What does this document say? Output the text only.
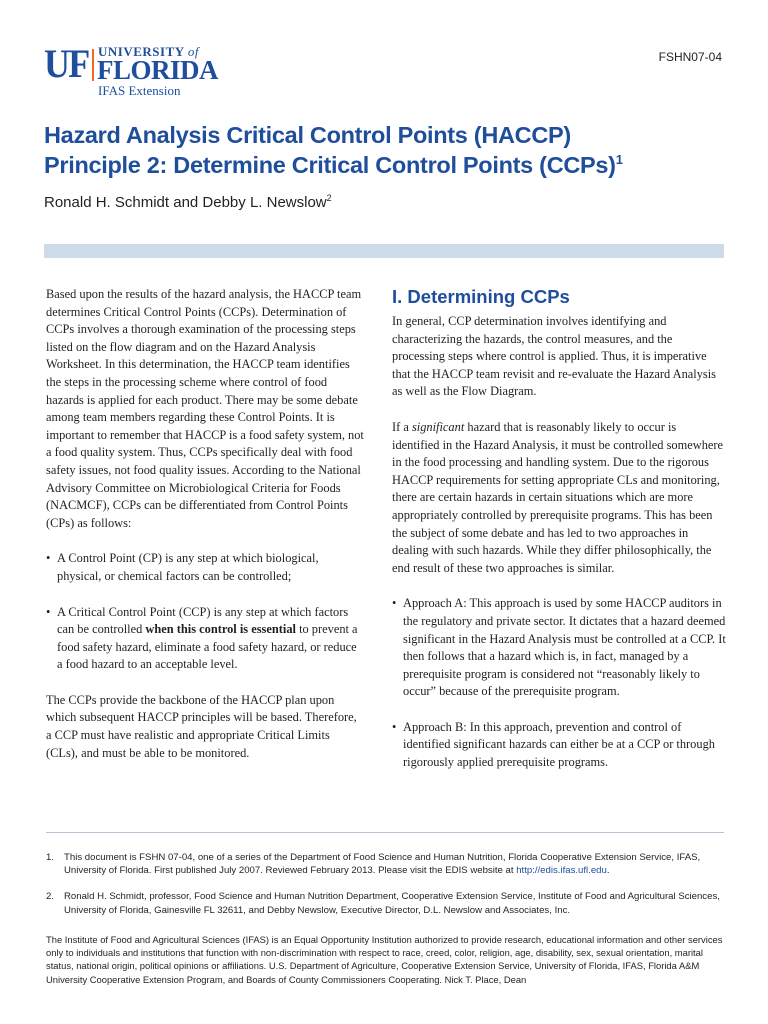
UF UNIVERSITY of
FLORIDA
IFAS Extension
FSHN07-04
Hazard Analysis Critical Control Points (HACCP)
Principle 2: Determine Critical Control Points (CCPs)$^1$
Ronald H. Schmidt and Debby L. Newslow$^2$

Based upon the results of the hazard analysis, the HACCP team determines Critical Control Points (CCPs). Determination of CCPs involves a thorough examination of the processing steps listed on the flow diagram and on the Hazard Analysis Worksheet. In this determination, the HACCP team identifies the steps in the processing scheme where control of food hazards is applied for each product. There may be some debate among team members regarding these Control Points. It is important to remember that HACCP is a food safety system, not a food quality system. Thus, CCPs specifically deal with food safety issues, not food quality issues. According to the National Advisory Committee on Microbiological Criteria for Foods (NACMCF), CCPs can be differentiated from Control Points (CPs) as follows:

• A Control Point (CP) is any step at which biological, physical, or chemical factors can be controlled;
• A Critical Control Point (CCP) is any step at which factors can be controlled when this control is essential to prevent a food safety hazard, eliminate a food safety hazard, or reduce a food hazard to an acceptable level.

The CCPs provide the backbone of the HACCP plan upon which subsequent HACCP principles will be based. Therefore, a CCP must have realistic and appropriate Critical Limits (CLs), and must be able to be monitored.

I. Determining CCPs

In general, CCP determination involves identifying and characterizing the hazards, the control measures, and the processing steps where control is applied. Thus, it is imperative that the HACCP team revisit and re-evaluate the Hazard Analysis as well as the Flow Diagram.

If a significant hazard that is reasonably likely to occur is identified in the Hazard Analysis, it must be controlled somewhere in the food processing and handling system. Due to the rigorous HACCP requirements for setting appropriate CLs and monitoring, there are certain hazards in certain situations which are more appropriately controlled by prerequisite programs. This has been the subject of some debate and has led to two approaches in dealing with such hazards. While they differ philosophically, the end result of these two approaches is similar.

• Approach A: This approach is used by some HACCP auditors in the regulatory and private sector. It dictates that a hazard deemed significant in the Hazard Analysis must be controlled at a CCP. It then follows that a hazard which is, in fact, managed by a prerequisite program is considered not “reasonably likely to occur” because of the prerequisite program.
• Approach B: In this approach, prevention and control of identified significant hazards can either be at a CCP or through rigorously applied prerequisite programs.
1. This document is FSHN 07-04, one of a series of the Department of Food Science and Human Nutrition, Florida Cooperative Extension Service, IFAS, University of Florida. First published July 2007. Reviewed February 2013. Please visit the EDIS website at http://edis.ifas.ufl.edu.
2. Ronald H. Schmidt, professor, Food Science and Human Nutrition Department, Cooperative Extension Service, Institute of Food and Agricultural Sciences, University of Florida, Gainesville FL 32611, and Debby Newslow, Executive Director, D.L. Newslow and Associates, Inc.
The Institute of Food and Agricultural Sciences (IFAS) is an Equal Opportunity Institution authorized to provide research, educational information and other services only to individuals and institutions that function with non-discrimination with respect to race, creed, color, religion, age, disability, sex, sexual orientation, marital status, national origin, political opinions or affiliations. U.S. Department of Agriculture, Cooperative Extension Service, University of Florida, IFAS, Florida A&M University Cooperative Extension Program, and Boards of County Commissioners Cooperating. Nick T. Place, Dean
